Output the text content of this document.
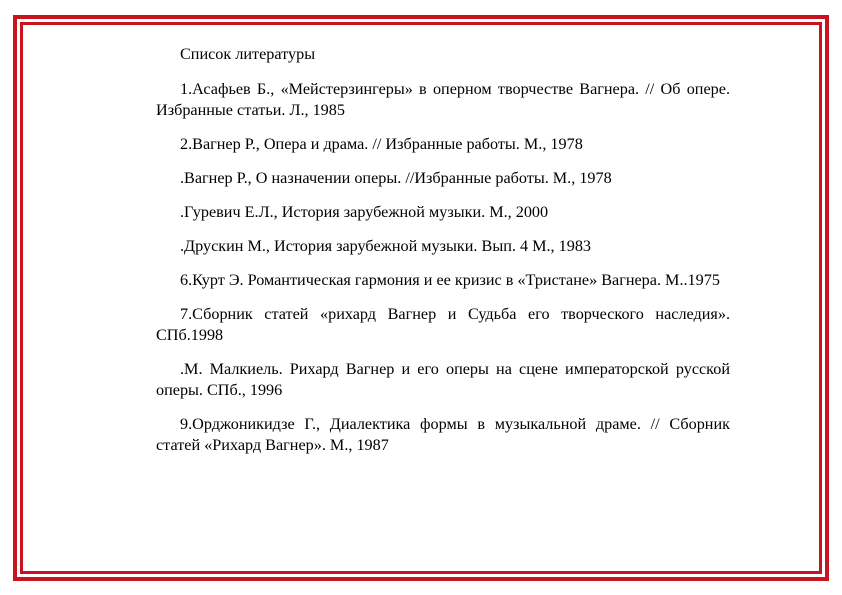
Список литературы

1.Асафьев Б., «Мейстерзингеры» в оперном творчестве Вагнера. // Об опере. Избранные статьи. Л., 1985

2.Вагнер Р., Опера и драма. // Избранные работы. М., 1978

.Вагнер Р., О назначении оперы. //Избранные работы. М., 1978

.Гуревич Е.Л., История зарубежной музыки. М., 2000

.Друскин М., История зарубежной музыки. Вып. 4 М., 1983

6.Курт Э. Романтическая гармония и ее кризис в «Тристане» Вагнера. М..1975

7.Сборник статей «рихард Вагнер и Судьба его творческого наследия». СПб.1998

.М. Малкиель. Рихард Вагнер и его оперы на сцене императорской русской оперы. СПб., 1996

9.Орджоникидзе Г., Диалектика формы в музыкальной драме. // Сборник статей «Рихард Вагнер». М., 1987
